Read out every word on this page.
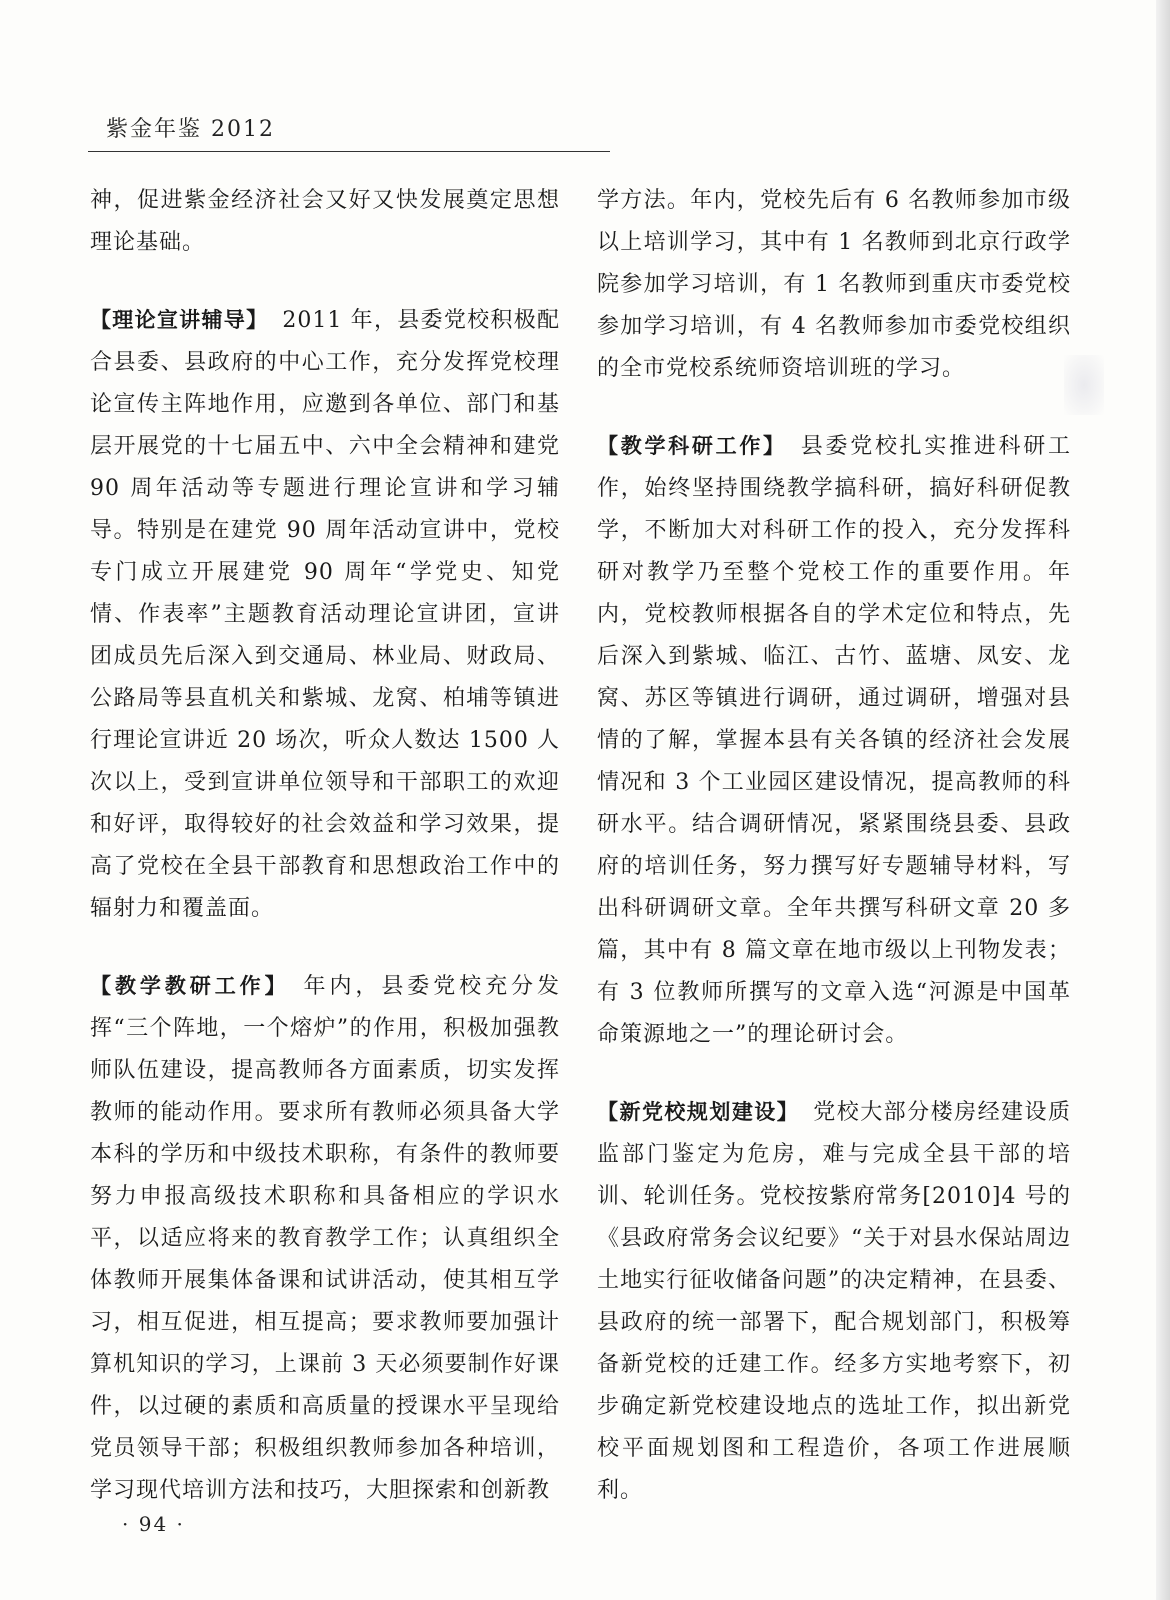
紫金年鉴 2012

神，促进紫金经济社会又好又快发展奠定思想理论基础。

【理论宣讲辅导】 2011 年，县委党校积极配合县委、县政府的中心工作，充分发挥党校理论宣传主阵地作用，应邀到各单位、部门和基层开展党的十七届五中、六中全会精神和建党 90 周年活动等专题进行理论宣讲和学习辅导。特别是在建党 90 周年活动宣讲中，党校专门成立开展建党 90 周年“学党史、知党情、作表率”主题教育活动理论宣讲团，宣讲团成员先后深入到交通局、林业局、财政局、公路局等县直机关和紫城、龙窝、柏埔等镇进行理论宣讲近 20 场次，听众人数达 1500 人次以上，受到宣讲单位领导和干部职工的欢迎和好评，取得较好的社会效益和学习效果，提高了党校在全县干部教育和思想政治工作中的辐射力和覆盖面。

【教学教研工作】 年内，县委党校充分发挥“三个阵地，一个熔炉”的作用，积极加强教师队伍建设，提高教师各方面素质，切实发挥教师的能动作用。要求所有教师必须具备大学本科的学历和中级技术职称，有条件的教师要努力申报高级技术职称和具备相应的学识水平，以适应将来的教育教学工作；认真组织全体教师开展集体备课和试讲活动，使其相互学习，相互促进，相互提高；要求教师要加强计算机知识的学习，上课前 3 天必须要制作好课件，以过硬的素质和高质量的授课水平呈现给党员领导干部；积极组织教师参加各种培训，学习现代培训方法和技巧，大胆探索和创新教

学方法。年内，党校先后有 6 名教师参加市级以上培训学习，其中有 1 名教师到北京行政学院参加学习培训，有 1 名教师到重庆市委党校参加学习培训，有 4 名教师参加市委党校组织的全市党校系统师资培训班的学习。

【教学科研工作】 县委党校扎实推进科研工作，始终坚持围绕教学搞科研，搞好科研促教学，不断加大对科研工作的投入，充分发挥科研对教学乃至整个党校工作的重要作用。年内，党校教师根据各自的学术定位和特点，先后深入到紫城、临江、古竹、蓝塘、凤安、龙窝、苏区等镇进行调研，通过调研，增强对县情的了解，掌握本县有关各镇的经济社会发展情况和 3 个工业园区建设情况，提高教师的科研水平。结合调研情况，紧紧围绕县委、县政府的培训任务，努力撰写好专题辅导材料，写出科研调研文章。全年共撰写科研文章 20 多篇，其中有 8 篇文章在地市级以上刊物发表；有 3 位教师所撰写的文章入选“河源是中国革命策源地之一”的理论研讨会。

【新党校规划建设】 党校大部分楼房经建设质监部门鉴定为危房，难与完成全县干部的培训、轮训任务。党校按紫府常务[2010]4 号的《县政府常务会议纪要》“关于对县水保站周边土地实行征收储备问题”的决定精神，在县委、县政府的统一部署下，配合规划部门，积极筹备新党校的迁建工作。经多方实地考察下，初步确定新党校建设地点的选址工作，拟出新党校平面规划图和工程造价，各项工作进展顺利。

· 94 ·
